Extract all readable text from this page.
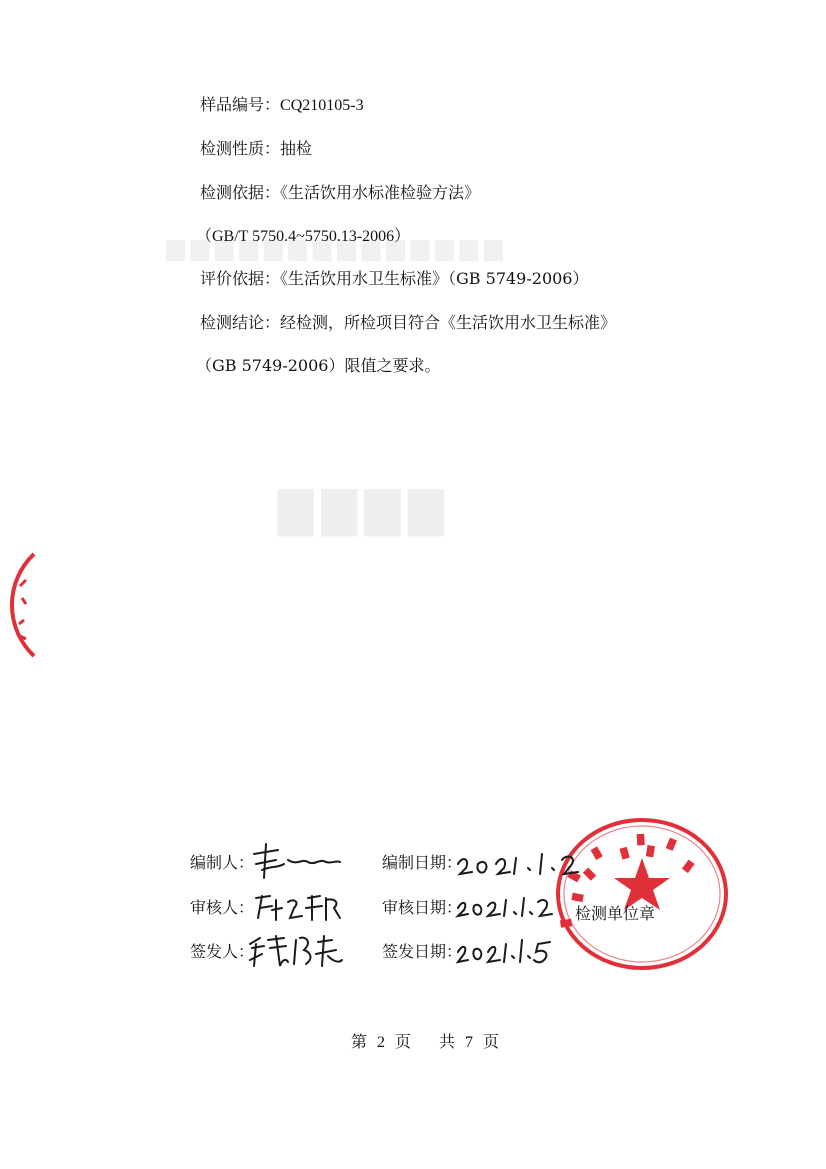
▇▇▇▇
▆▆▆▆▆▆▆▆▆▆▆▆▆▆
样品编号：CQ210105-3
检测性质：抽检
检测依据：《生活饮用水标准检验方法》
（GB/T 5750.4~5750.13-2006）
评价依据：《生活饮用水卫生标准》（GB 5749-2006）
检测结论：经检测，所检项目符合《生活饮用水卫生标准》
（GB 5749-2006）限值之要求。
▘▗▝▖▘▗▝▖▘▗
检测单位章
编制人：	编制日期：
审核人：	审核日期：
签发人：	签发日期：
第 2 页 共 7 页
